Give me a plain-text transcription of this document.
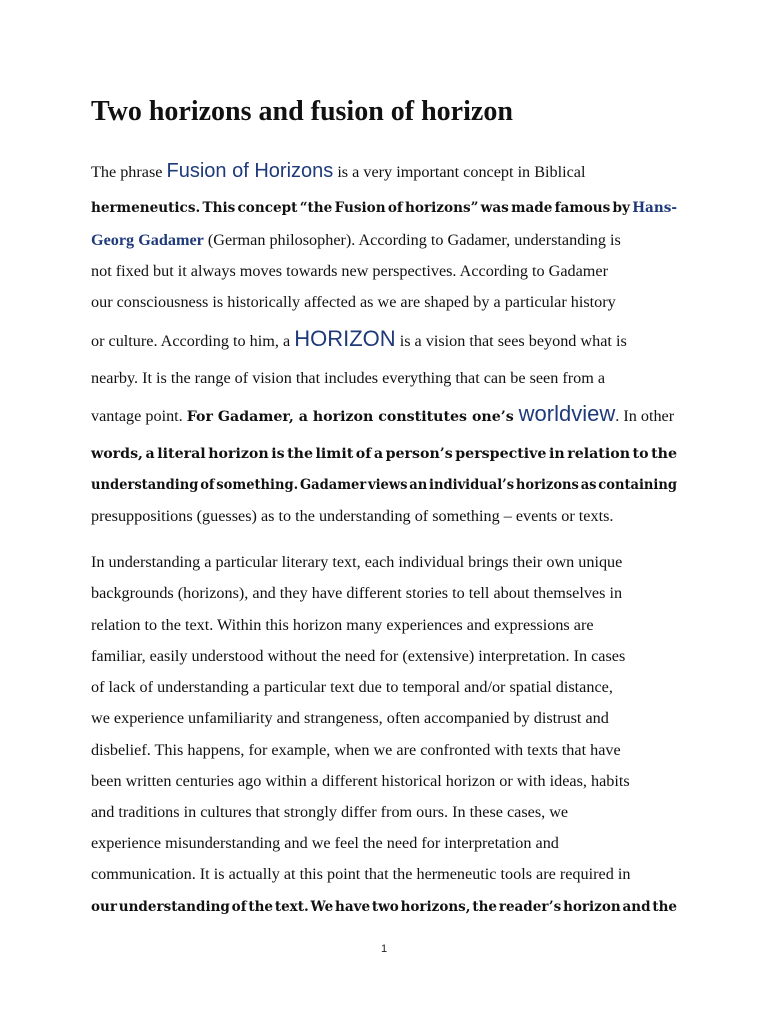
Two horizons and fusion of horizon
The phrase Fusion of Horizons is a very important concept in Biblical
hermeneutics. This concept “the Fusion of horizons” was made famous by Hans-
Georg Gadamer (German philosopher). According to Gadamer, understanding is
not fixed but it always moves towards new perspectives. According to Gadamer
our consciousness is historically affected as we are shaped by a particular history
or culture. According to him, a HORIZON is a vision that sees beyond what is
nearby. It is the range of vision that includes everything that can be seen from a
vantage point. For Gadamer, a horizon constitutes one’s worldview. In other
words, a literal horizon is the limit of a person’s perspective in relation to the
understanding of something. Gadamer views an individual’s horizons as containing
presuppositions (guesses) as to the understanding of something – events or texts.
In understanding a particular literary text, each individual brings their own unique
backgrounds (horizons), and they have different stories to tell about themselves in
relation to the text. Within this horizon many experiences and expressions are
familiar, easily understood without the need for (extensive) interpretation. In cases
of lack of understanding a particular text due to temporal and/or spatial distance,
we experience unfamiliarity and strangeness, often accompanied by distrust and
disbelief. This happens, for example, when we are confronted with texts that have
been written centuries ago within a different historical horizon or with ideas, habits
and traditions in cultures that strongly differ from ours. In these cases, we
experience misunderstanding and we feel the need for interpretation and
communication. It is actually at this point that the hermeneutic tools are required in
our understanding of the text. We have two horizons, the reader’s horizon and the
1
